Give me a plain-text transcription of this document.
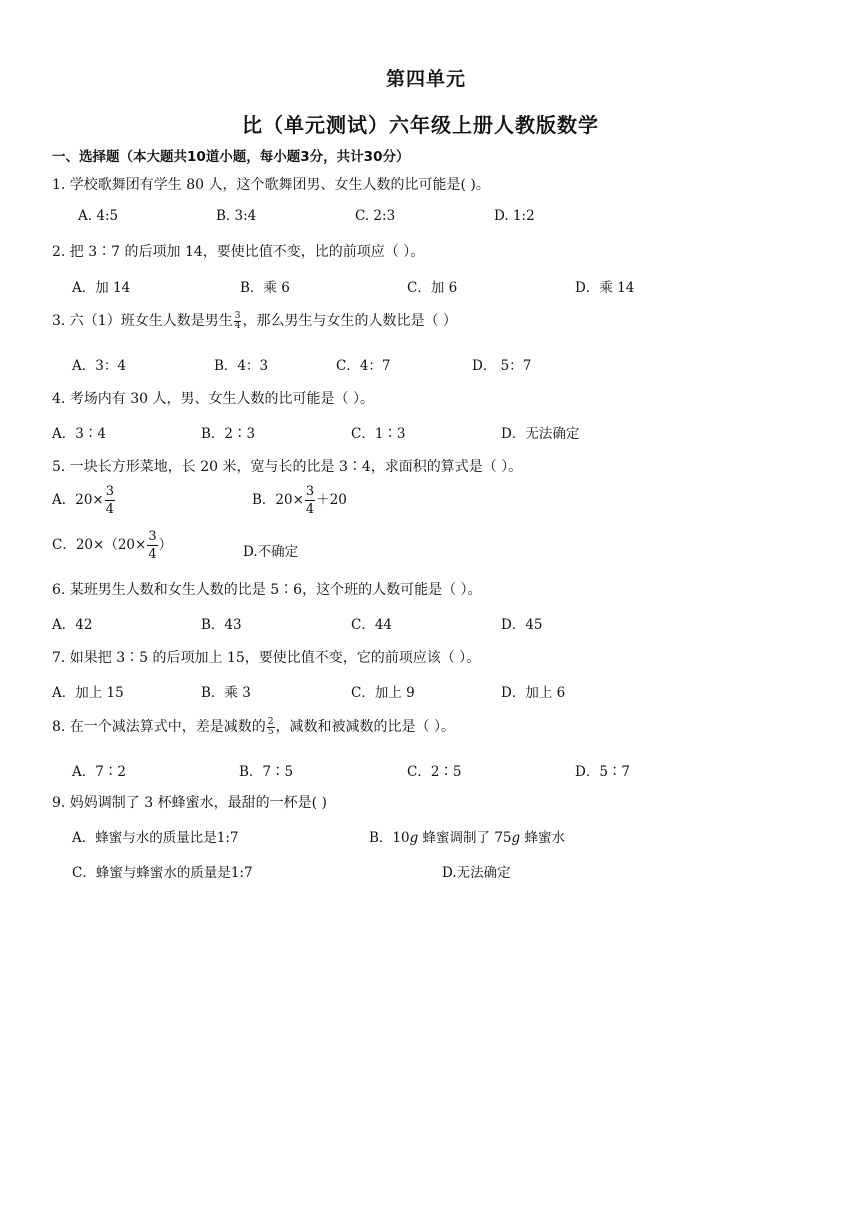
第四单元
比（单元测试）六年级上册人教版数学
一、选择题（本大题共10道小题，每小题3分，共计30分）
1. 学校歌舞团有学生 80 人，这个歌舞团男、女生人数的比可能是( )。
A. 4:5	B. 3:4	C. 2:3	D. 1:2
2. 把 3∶7 的后项加 14，要使比值不变，比的前项应（ ）。
A．加 14	B．乘 6	C．加 6	D．乘 14
3. 六（1）班女生人数是男生 $\frac{3}{4}$ ，那么男生与女生的人数比是（ ）
A．3：4	B．4：3	C．4：7	D． 5：7
4. 考场内有 30 人，男、女生人数的比可能是（ ）。
A．3∶4	B．2∶3	C．1∶3	D．无法确定
5. 一块长方形菜地，长 20 米，宽与长的比是 3∶4，求面积的算式是（ ）。
A．$20\times \frac{3}{4}$	B．$20\times \frac{3}{4} +20$
C．$20\times(20\times \frac{3}{4}$ ）	D.不确定
6. 某班男生人数和女生人数的比是 5∶6，这个班的人数可能是（ ）。
A．42	B．43	C．44	D．45
7. 如果把 3∶5 的后项加上 15，要使比值不变，它的前项应该（ ）。
A．加上 15	B．乘 3	C．加上 9	D．加上 6
8. 在一个减法算式中，差是减数的 $\frac{2}{5}$ ，减数和被减数的比是（ ）。
A．7∶2	B．7∶5	C．2∶5	D．5∶7
9. 妈妈调制了 3 杯蜂蜜水，最甜的一杯是( )
A．蜂蜜与水的质量比是1:7	B．10g 蜂蜜调制了 75g 蜂蜜水
C．蜂蜜与蜂蜜水的质量是1:7	D.无法确定
